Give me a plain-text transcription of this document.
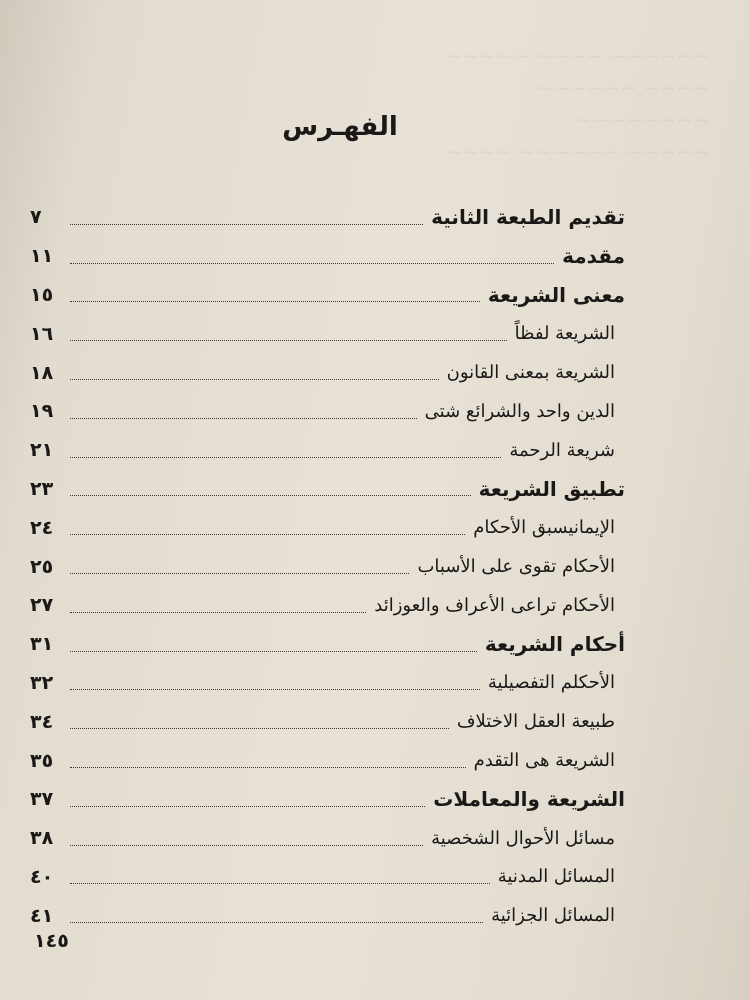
~~~~~~ ~~~~ ~~~~~
~~~~ ~~~~~~
~~~~~~~~
~~~~~ ~~~~~~ ~~~~
الفهـرس
تقديم الطبعة الثانية
٧
مقدمة
١١
معنى الشريعة
١٥
الشريعة لفظاً
١٦
الشريعة بمعنى القانون
١٨
الدين واحد والشرائع شتى
١٩
شريعة الرحمة
٢١
تطبيق الشريعة
٢٣
الإيمانيسبق الأحكام
٢٤
الأحكام تقوى على الأسباب
٢٥
الأحكام تراعى الأعراف والعوزائد
٢٧
أحكام الشريعة
٣١
الأحكلم التفصيلية
٣٢
طبيعة العقل الاختلاف
٣٤
الشريعة هى التقدم
٣٥
الشريعة والمعاملات
٣٧
مسائل الأحوال الشخصية
٣٨
المسائل المدنية
٤٠
المسائل الجزائية
٤١
١٤٥
